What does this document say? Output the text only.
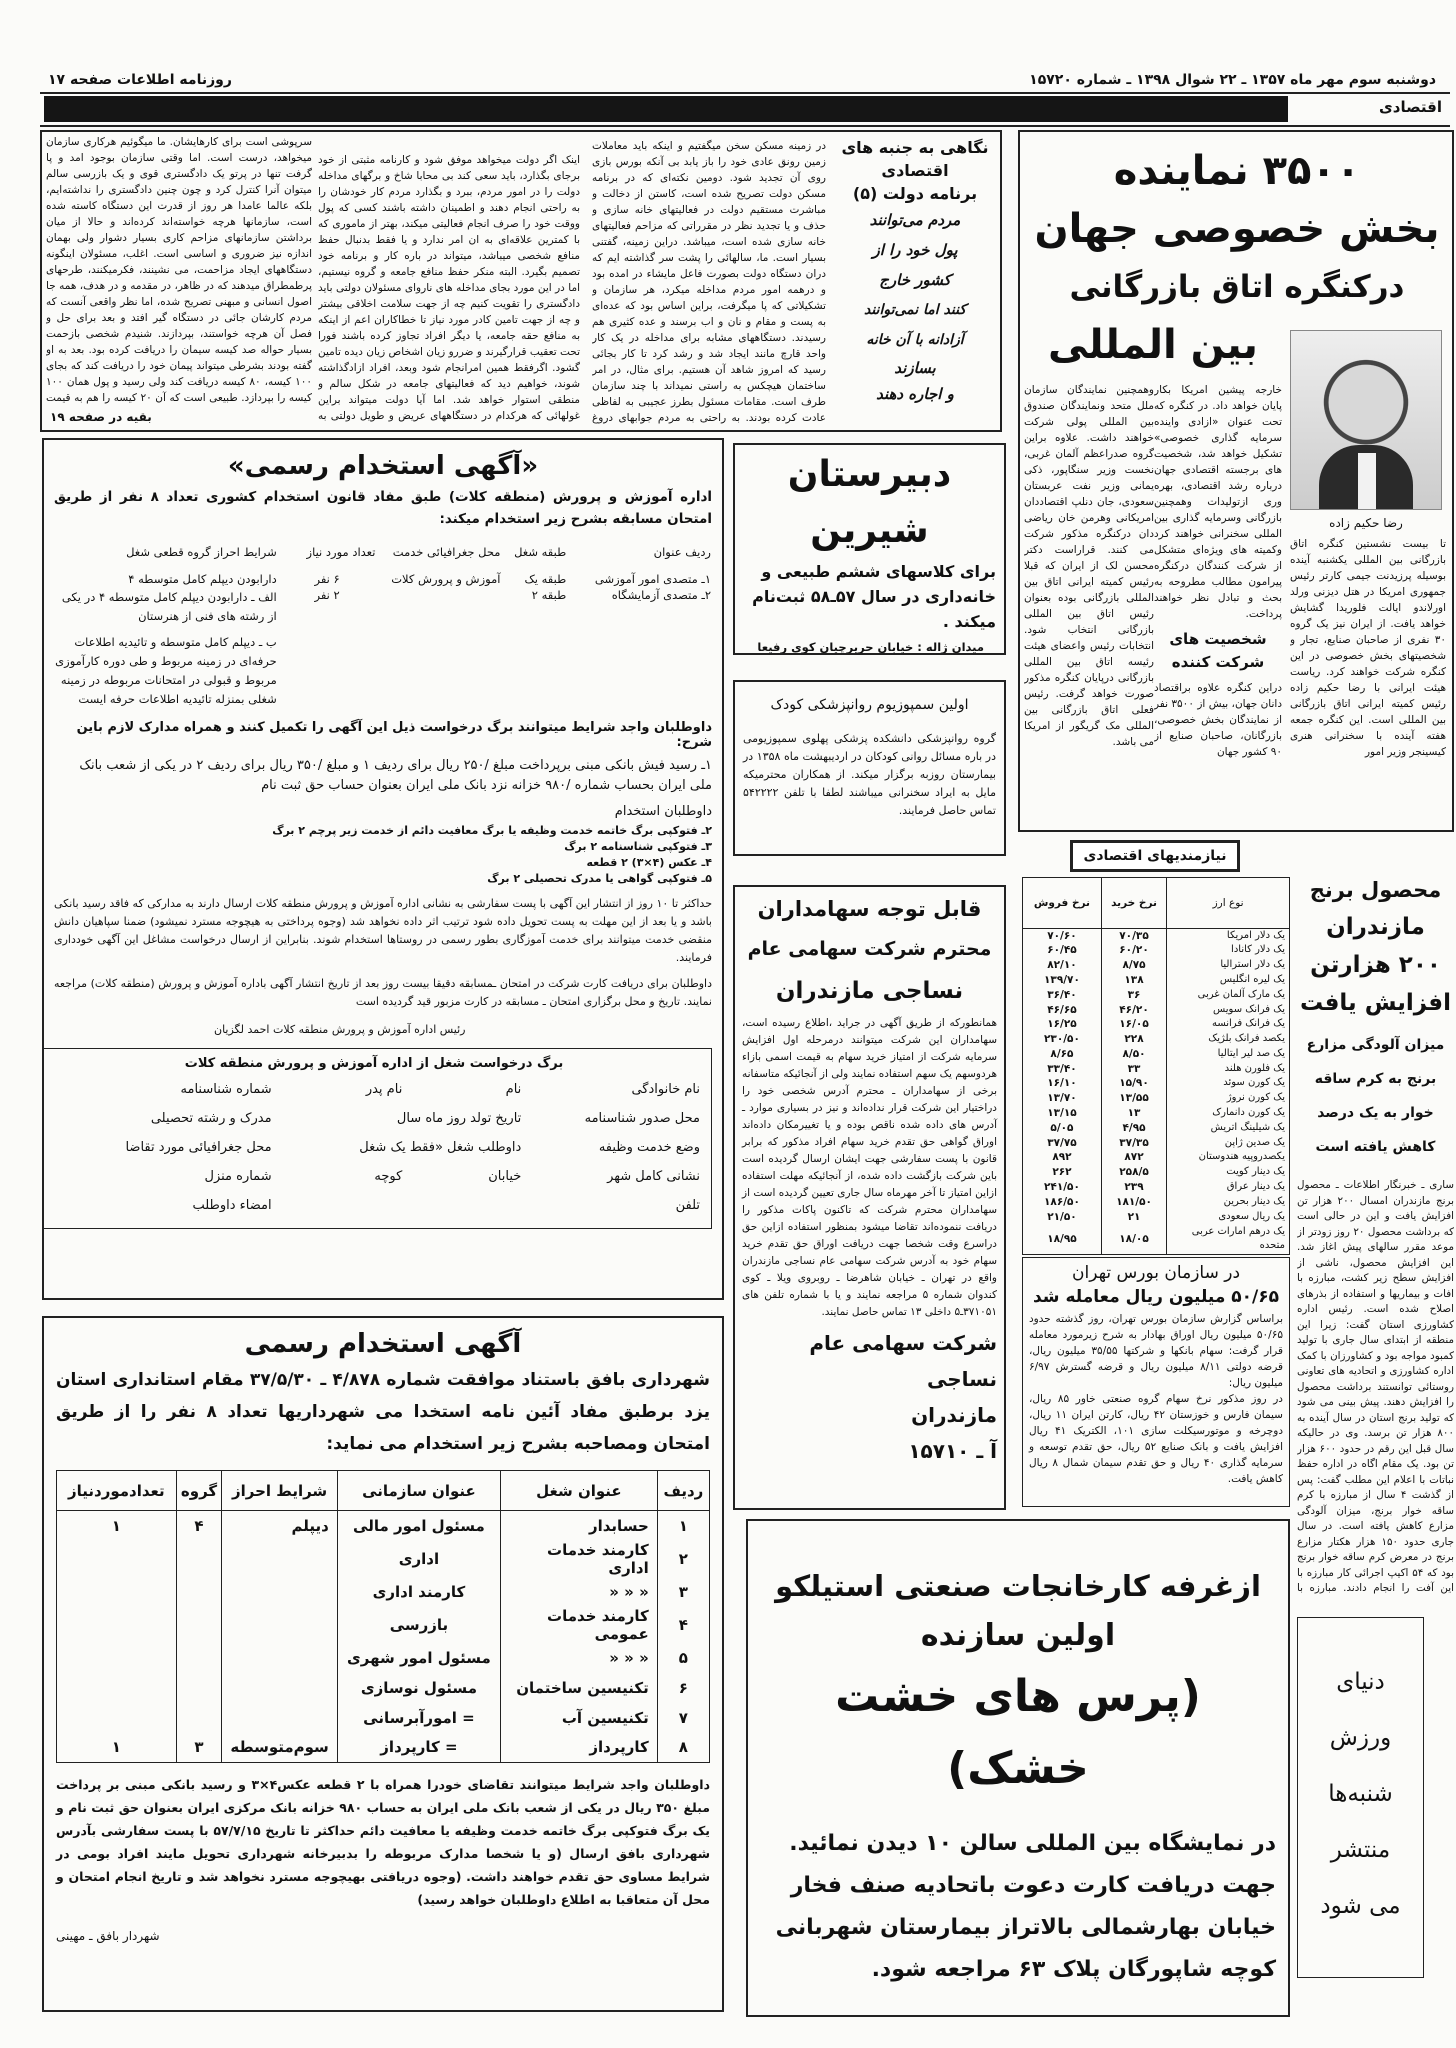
دوشنبه سوم مهر ماه ۱۳۵۷ ـ ۲۲ شوال ۱۳۹۸ ـ شماره ۱۵۷۲۰
روزنامه اطلاعات صفحه ۱۷
اقتصادی
نگاهی به جنبه های
اقتصادی
برنامه دولت (۵)
مردم می‌توانند
پول خود را از
کشور خارج
کنند اما نمی‌توانند
آزادانه با آن خانه
بسازند
و اجاره دهند
در زمینه مسکن سخن میگفتیم و اینکه باید معاملات زمین رونق عادی خود را باز یابد بی آنکه بورس بازی روی آن تجدید شود. دومین نکته‌ای که در برنامه مسکن دولت تصریح شده است، کاستن از دخالت و مباشرت مستقیم دولت در فعالیتهای خانه سازی و حذف و یا تجدید نظر در مقرراتی که مزاحم فعالیتهای خانه سازی شده است، میباشد. دراین زمینه، گفتنی بسیار است. ما، سالهائی را پشت سر گذاشته ایم که دران دستگاه دولت بصورت فاعل مایشاء در امده بود و درهمه امور مردم مداخله میکرد، هر سازمان و تشکیلاتی که پا میگرفت، براین اساس بود که عده‌ای به پست و مقام و نان و اب برسند و عده کثیری هم رسیدند. دستگاههای مشابه برای مداخله در یک کار واحد قارچ مانند ایجاد شد و رشد کرد تا کار بجائی رسید که امروز شاهد آن هستیم. برای مثال، در امر ساختمان هیچکس به راستی نمیداند با چند سازمان طرف است. مقامات مسئول بطرز عجیبی به لفاظی عادت کرده بودند. به راحتی به مردم جوابهای دروغ
اینک اگر دولت میخواهد موفق شود و کارنامه مثبتی از خود برجای بگذارد، باید سعی کند بی محابا شاخ و برگهای مداخله دولت را در امور مردم، ببرد و بگذارد مردم کار خودشان را به راحتی انجام دهند و اطمینان داشته باشند کسی که پول ووقت خود را صرف انجام فعالیتی میکند، بهتر از ماموری که با کمترین علاقه‌ای به ان امر ندارد و یا فقط بدنبال حفظ منافع شخصی میباشد، میتواند در باره کار و برنامه خود تصمیم بگیرد. البته منکر حفظ منافع جامعه و گروه نیستیم، اما در این مورد بجای مداخله های ناروای مسئولان دولتی باید دادگستری را تقویت کنیم چه از جهت سلامت اخلاقی بیشتر و چه از جهت تامین کادر مورد نیاز تا خطاکاران اعم از اینکه به منافع حقه جامعه، یا دیگر افراد تجاوز کرده باشند فورا تحت تعقیب قرارگیرند و ضررو زیان اشخاص زیان دیده تامین گشود. اگرفقط همین امرانجام شود وبعد، افراد ازادگذاشته شوند، خواهیم دید که فعالیتهای جامعه در شکل سالم و منطقی استوار خواهد شد. اما آیا دولت میتواند براین غولهائی که هرکدام در دستگاههای عریض و طویل دولتی به
سرپوشی است برای کارهایشان. ما میگوئیم هرکاری سازمان میخواهد، درست است. اما وقتی سازمان بوجود امد و پا گرفت تنها در پرتو یک دادگستری قوی و یک بازرسی سالم میتوان آنرا کنترل کرد و چون چنین دادگستری را نداشته‌ایم، بلکه عالما عامدا هر روز از قدرت این دستگاه کاسته شده است، سازمانها هرچه خواسته‌اند کرده‌اند و حالا از میان برداشتن سازمانهای مزاحم کاری بسیار دشوار ولی بهمان اندازه نیز ضروری و اساسی است. اغلب، مسئولان اینگونه دستگاههای ایجاد مزاحمت، می نشینند، فکرمیکنند، طرحهای پرطمطراق میدهند که در ظاهر، در مقدمه و در هدف، همه جا اصول انسانی و مبهنی تصریح شده، اما نظر واقعی آنست که مردم کارشان جائی در دستگاه گیر افتد و بعد برای حل و فصل آن هرچه خواستند، بپردازند. شنیدم شخصی بازحمت بسیار حواله صد کیسه سیمان را دریافت کرده بود. بعد به او گفته بودند بشرطی میتواند پیمان خود را دریافت کند که بجای ۱۰۰ کیسه، ۸۰ کیسه دریافت کند ولی رسید و پول همان ۱۰۰ کیسه را بپردازد. طبیعی است که آن ۲۰ کیسه را هم به قیمت
بقیه در صفحه ۱۹
۳۵۰۰ نماینده
بخش خصوصی جهان
درکنگره اتاق بازرگانی
بین المللی
رضا حکیم زاده
تا بیست نشستین کنگره اتاق بازرگانی بین المللی یکشنبه آینده بوسیله پرزیدنت جیمی کارتر رئیس جمهوری امریکا در هتل دیزنی ورلد اورلاندو ایالت فلوریدا گشایش خواهد یافت. از ایران نیز یک گروه ۳۰ نفری از صاحبان صنایع، تجار و شخصیتهای بخش خصوصی در این کنگره شرکت خواهند کرد. ریاست هیئت ایرانی با رضا حکیم زاده رئیس کمیته ایرانی اتاق بازرگانی بین المللی است. این کنگره جمعه هفته آینده با سخنرانی هنری کیسینجر وزیر امور
خارجه پیشین امریکا بکار پایان خواهد داد. در کنگره که تحت عنوان «ازادی واینده سرمایه گذاری خصوصی» تشکیل خواهد شد، شخصیت های برجسته اقتصادی جهان درباره رشد اقتصادی، بهره وری ازتولیدات وهمچنین بازرگانی وسرمایه گذاری بین المللی سخنرانی خواهند کرد وکمیته های ویژه‌ای متشکل از شرکت کنندگان درکنگره پیرامون مطالب مطروحه به بحث و تبادل نظر خواهند پرداخت.
شخصیت های
شرکت کننده
دراین کنگره علاوه براقتصاد دانان جهان، بیش از ۳۵۰۰ نفر از نمایندگان بخش خصوصی، بازرگانان، صاحبان صنایع از ۹۰ کشور جهان
وهمچنین نمایندگان سازمان ملل متحد ونمایندگان صندوق بین المللی پولی شرکت خواهند داشت. علاوه براین گروه صدراعظم آلمان غربی، نخست وزیر سنگاپور، ذکی یمانی وزیر نفت عربستان سعودی، جان دنلپ اقتصاددان امریکانی وهرمن خان ریاضی دان درکنگره مذکور شرکت می کنند. قراراست دکتر محسن لک از ایران که قبلا رئیس کمیته ایرانی اتاق بین المللی بازرگانی بوده بعنوان رئیس اتاق بین المللی بازرگانی انتخاب شود. انتخابات رئیس واعضای هیئت رئیسه اتاق بین المللی بازرگانی درپایان کنگره مذکور صورت خواهد گرفت. رئیس فعلی اتاق بازرگانی بین المللی مک گریگور از امریکا می باشد.
«آگهی استخدام رسمی»
اداره آموزش و پرورش (منطقه کلات) طبق مفاد قانون استخدام کشوری تعداد ۸ نفر از طریق امتحان مسابقه بشرح زیر استخدام میکند:
ردیف عنوان	طبقه شغل	محل جغرافیائی خدمت	تعداد مورد نیاز	شرایط احراز گروه قطعی شغل
۱ـ متصدی امور آموزشی	طبقه یک	آموزش و پرورش کلات	۶ نفر	دارابودن دیپلم کامل متوسطه ۴
۲ـ متصدی آزمایشگاه	طبقه ۲		۲ نفر	الف ـ دارابودن دیپلم کامل متوسطه ۴ در یکی از رشته های فنی از هنرستان
				ب ـ دیپلم کامل متوسطه و تائیدیه اطلاعات حرفه‌ای در زمینه مربوط و طی دوره کارآموزی مربوط و قبولی در امتحانات مربوطه در زمینه شغلی بمنزله تائیدیه اطلاعات حرفه ایست
داوطلبان واجد شرایط میتوانند برگ درخواست ذیل این آگهی را تکمیل کنند و همراه مدارک لازم باین شرح:
۱ـ رسید فیش بانکی مبنی برپرداخت مبلغ /۲۵۰ ریال برای ردیف ۱ و مبلغ /۳۵۰ ریال برای ردیف ۲ در یکی از شعب بانک ملی ایران بحساب شماره /۹۸۰ خزانه نزد بانک ملی ایران بعنوان حساب حق ثبت نام
داوطلبان استخدام
۲ـ فتوکپی برگ خاتمه خدمت وظیفه یا برگ معافیت دائم از خدمت زیر پرچم ۲ برگ
۳ـ فتوکپی شناسنامه ۲ برگ
۴ـ عکس (۴×۳) ۲ قطعه
۵ـ فتوکپی گواهی یا مدرک تحصیلی ۲ برگ
حداکثر تا ۱۰ روز از انتشار این آگهی با پست سفارشی به نشانی اداره آموزش و پرورش منطقه کلات ارسال دارند به مدارکی که فاقد رسید بانکی باشد و یا بعد از این مهلت به پست تحویل داده شود ترتیب اثر داده نخواهد شد (وجوه پرداختی به هیچوجه مسترد نمیشود) ضمنا سپاهیان دانش منقضی خدمت میتوانند برای خدمت آموزگاری بطور رسمی در روستاها استخدام شوند. بنابراین از ارسال درخواست مشاغل این آگهی خودداری فرمایند.
داوطلبان برای دریافت کارت شرکت در امتحان ـمسابقه دقیقا بیست روز بعد از تاریخ انتشار آگهی باداره آموزش و پرورش (منطقه کلات) مراجعه نمایند. تاریخ و محل برگزاری امتحان ـ مسابقه در کارت مزبور قید گردیده است
رئیس اداره آموزش و پرورش منطقه کلات احمد لگزیان
برگ درخواست شغل از اداره آموزش و پرورش منطقه کلات
نام خانوادگی	نام	نام پدر	شماره شناسنامه
محل صدور شناسنامه	تاریخ تولد روز ماه سال		مدرک و رشته تحصیلی
وضع خدمت وظیفه	داوطلب شغل «فقط یک شغل		محل جغرافیائی مورد تقاضا
نشانی کامل شهر	خیابان	کوچه	شماره منزل
تلفن			امضاء داوطلب
آگهی استخدام رسمی
شهرداری بافق باستناد موافقت شماره ۴/۸۷۸ ـ ۳۷/۵/۳۰ مقام استانداری استان یزد برطبق مفاد آئین نامه استخدا می شهرداریها تعداد ۸ نفر را از طریق امتحان ومصاحبه بشرح زیر استخدام می نماید:
ردیف	عنوان شغل	عنوان سازمانی	شرایط احراز	گروه	تعدادموردنیاز
۱	حسابدار	مسئول امور مالی	دیپلم	۴	۱
۲	کارمند خدمات اداری	اداری			
۳	« « «	کارمند اداری			
۴	کارمند خدمات عمومی	بازرسی			
۵	« « «	مسئول امور شهری			
۶	تکنیسین ساختمان	مسئول نوسازی			
۷	تکنیسین آب	= امورآبرسانی			
۸	کارپرداز	= کارپرداز	سوم‌متوسطه	۳	۱
داوطلبان واجد شرایط میتوانند تقاضای خودرا همراه با ۲ قطعه عکس۴×۳ و رسید بانکی مبنی بر پرداخت مبلغ ۳۵۰ ریال در یکی از شعب بانک ملی ایران به حساب ۹۸۰ خزانه بانک مرکزی ایران بعنوان حق ثبت نام و یک برگ فتوکپی برگ خاتمه خدمت وظیفه یا معافیت دائم حداکثر تا تاریخ ۵۷/۷/۱۵ با پست سفارشی بآدرس شهرداری بافق ارسال (و یا شخصا مدارک مربوطه را بدبیرخانه شهرداری تحویل مایند افراد بومی در شرایط مساوی حق تقدم خواهند داشت. (وجوه دریافتی بهیچوجه مسترد نخواهد شد و تاریخ انجام امتحان و محل آن متعاقبا به اطلاع داوطلبان خواهد رسید)
شهردار بافق ـ مهینی
دبیرستان شیرین
برای کلاسهای ششم طبیعی و خانه‌داری در سال ۵۷ـ۵۸ ثبت‌نام میکند .
میدان ژاله : خیابان حریرچیان کوی رفیعا
اولین سمپوزیوم روانپزشکی کودک
گروه روانپزشکی دانشکده پزشکی پهلوی سمپوزیومی در باره مسائل روانی کودکان در اردیبهشت ماه ۱۳۵۸ در بیمارستان روزبه برگزار میکند. از همکاران محترمیکه مایل به ایراد سخنرانی میباشند لطفا با تلفن ۵۴۲۲۲۲ تماس حاصل فرمایند.
قابل توجه سهامداران
محترم شرکت سهامی عام
نساجی مازندران
همانطورکه از طریق آگهی در جراید ،اطلاع رسیده است، سهامداران این شرکت میتوانند درمرحله اول افزایش سرمایه شرکت از امتیاز خرید سهام به قیمت اسمی بازاء هردوسهم یک سهم استفاده نمایند ولی از آنجائیکه متاسفانه برخی از سهامداران ـ محترم آدرس شخصی خود را دراختیار این شرکت قرار نداده‌اند و نیز در بسیاری موارد ـ آدرس های داده شده ناقص بوده و یا تغییرمکان داده‌اند اوراق گواهی حق تقدم خرید سهام افراد مذکور که برابر قانون با پست سفارشی جهت ایشان ارسال گردیده است باین شرکت بازگشت داده شده، از آنجائیکه مهلت استفاده ازاین امتیاز تا آخر مهرماه سال جاری تعیین گردیده است از سهامداران محترم شرکت که تاکنون پاکات مذکور را دریافت ننموده‌اند تقاضا میشود بمنظور استفاده ازاین حق دراسرع وقت شخصا جهت دریافت اوراق حق تقدم خرید سهام خود به آدرس شرکت سهامی عام نساجی مازندران واقع در تهران ـ خیابان شاهرضا ـ روبروی ویلا ـ کوی کندوان شماره ۵ مراجعه نمایند و یا با شماره تلفن های ۳۷۱۰۵۱ـ۵ داخلی ۱۳ تماس حاصل نمایند.
شرکت سهامی عام نساجی
مازندران
آ ـ ۱۵۷۱۰
نیازمندیهای اقتصادی
نوع ارز	نرخ خرید	نرخ فروش
یک دلار امریکا	۷۰/۳۵	۷۰/۶۰
یک دلار کانادا	۶۰/۲۰	۶۰/۴۵
یک دلار استرالیا	۸/۷۵	۸۲/۱۰
یک لیره انگلیس	۱۳۸	۱۳۹/۷۰
یک مارک آلمان غربی	۳۶	۳۶/۴۰
یک فرانک سویس	۴۶/۲۰	۴۶/۶۵
یک فرانک فرانسه	۱۶/۰۵	۱۶/۲۵
یکصد فرانک بلژیک	۲۲۸	۲۳۰/۵۰
یک صد لیر ایتالیا	۸/۵۰	۸/۶۵
یک فلورن هلند	۳۳	۳۳/۴۰
یک کورن سوئد	۱۵/۹۰	۱۶/۱۰
یک کورن نروژ	۱۳/۵۵	۱۳/۷۰
یک کورن دانمارک	۱۳	۱۳/۱۵
یک شیلینگ اتریش	۴/۹۵	۵/۰۵
یک صدین ژاپن	۳۷/۳۵	۳۷/۷۵
یکصدروپیه هندوستان	۸۷۲	۸۹۲
یک دینار کویت	۲۵۸/۵	۲۶۲
یک دینار عراق	۲۳۹	۲۴۱/۵۰
یک دینار بحرین	۱۸۱/۵۰	۱۸۶/۵۰
یک ریال سعودی	۲۱	۲۱/۵۰
یک درهم امارات عربی متحده	۱۸/۰۵	۱۸/۹۵
در سازمان بورس تهران
۵۰/۶۵ میلیون ریال معامله شد
براساس گزارش سازمان بورس تهران، روز گذشته حدود ۵۰/۶۵ میلیون ریال اوراق بهادار به شرح زیرمورد معامله قرار گرفت: سهام بانکها و شرکتها ۳۵/۵۵ میلیون ریال، قرضه دولتی ۸/۱۱ میلیون ریال و قرضه گسترش ۶/۹۷ میلیون ریال:
در روز مذکور نرخ سهام گروه صنعتی خاور ۸۵ ریال، سیمان فارس و خوزستان ۴۲ ریال، کارتن ایران ۱۱ ریال، دوچرخه و موتورسیکلت سازی ۱۰۱، الکتریک ۴۱ ریال افزایش یافت و بانک صنایع ۵۲ ریال، حق تقدم توسعه و سرمایه گذاری ۴۰ ریال و حق تقدم سیمان شمال ۸ ریال کاهش یافت.
محصول برنج
مازندران
۲۰۰ هزارتن
افزایش یافت
میزان آلودگی مزارع
برنج به کرم ساقه
خوار به یک درصد
کاهش یافته است
ساری ـ خبرنگار اطلاعات ـ محصول برنج مازندران امسال ۲۰۰ هزار تن افزایش یافت و این در حالی است که برداشت محصول ۲۰ روز زودتر از موعد مقرر سالهای پیش اغاز شد. این افزایش محصول، ناشی از افزایش سطح زیر کشت، مبارزه با افات و بیماریها و استفاده از بذرهای اصلاح شده است. رئیس اداره کشاورزی استان گفت: زیرا این منطقه از ابتدای سال جاری با تولید کمبود مواجه بود و کشاورزان با کمک اداره کشاورزی و اتحادیه های تعاونی روستائی توانستند برداشت محصول را افزایش دهند. پیش بینی می شود که تولید برنج استان در سال آینده به ۸۰۰ هزار تن برسد. وی در حالیکه سال قبل این رقم در حدود ۶۰۰ هزار تن بود. یک مقام اگاه در اداره حفظ نباتات با اعلام این مطلب گفت: پس از گذشت ۴ سال از مبارزه با کرم ساقه خوار برنج، میزان آلودگی مزارع کاهش یافته است. در سال جاری حدود ۱۵۰ هزار هکتار مزارع برنج در معرض کرم ساقه خوار برنج بود که ۵۴ اکیپ اجرائی کار مبارزه با این آفت را انجام دادند. مبارزه با
دنیای
ورزش
شنبه‌ها
منتشر
می شود
ازغرفه کارخانجات صنعتی استیلکو
اولین سازنده
(پرس های خشت خشک)
در نمایشگاه بین المللی سالن ۱۰ دیدن نمائید.
جهت دریافت کارت دعوت باتحادیه صنف فخار
خیابان بهارشمالی بالاتراز بیمارستان شهربانی
کوچه شاپورگان پلاک ۶۳ مراجعه شود.
